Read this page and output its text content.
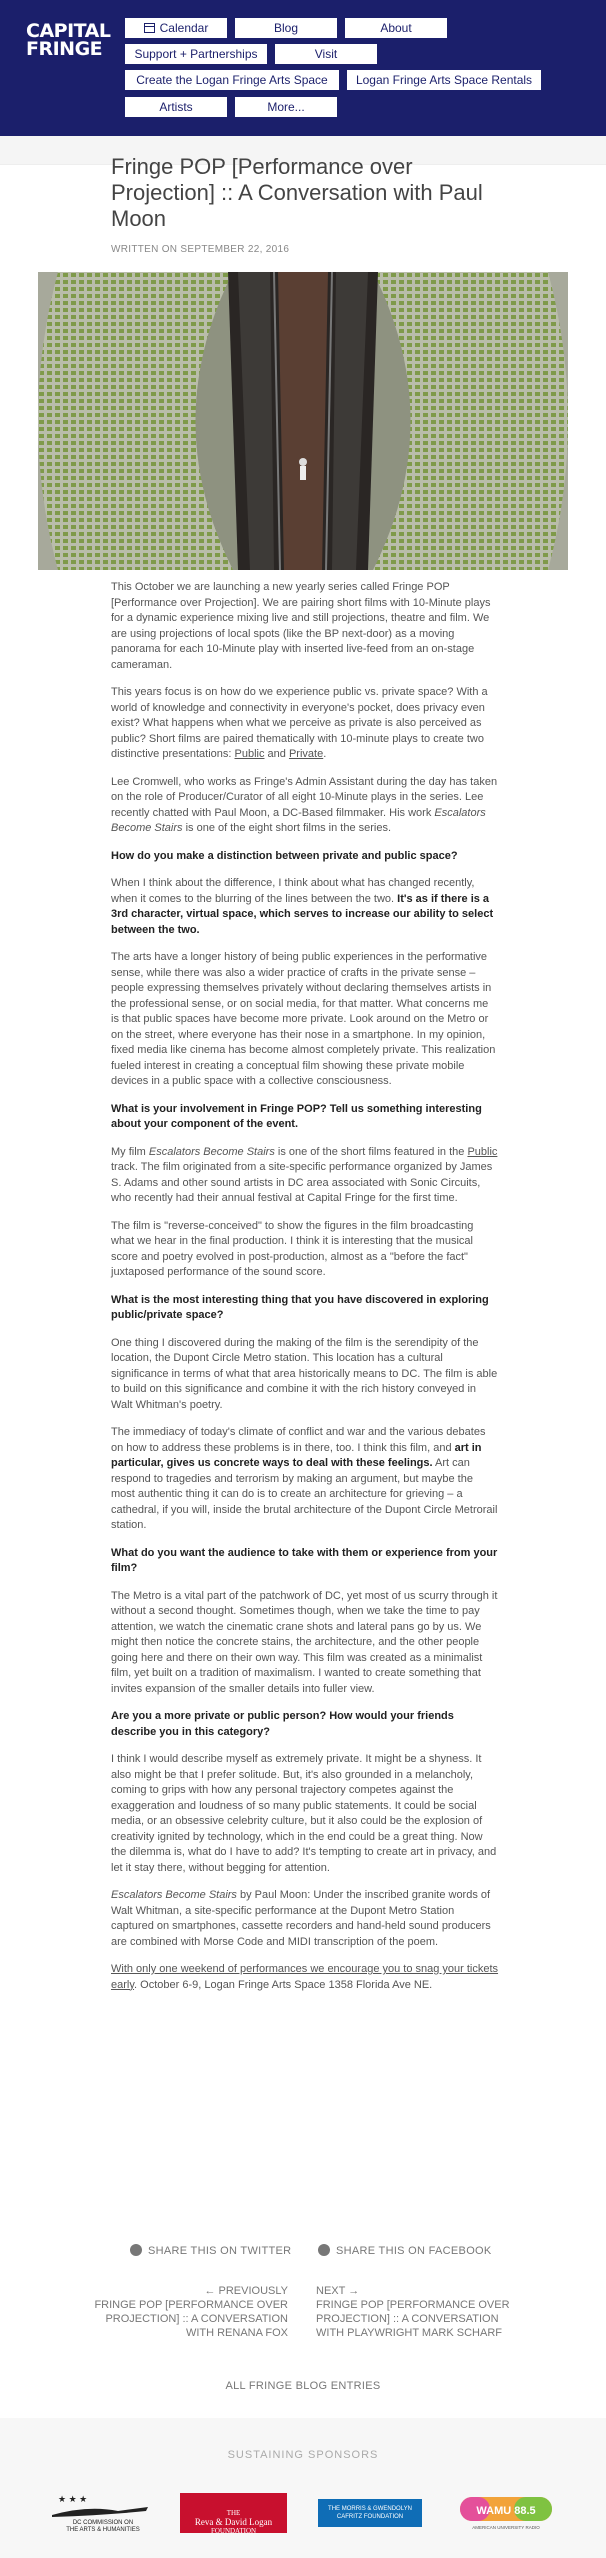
CAPITAL
FRINGE
Calendar	Blog	About
Support + Partnerships	Visit
Create the Logan Fringe Arts Space	Logan Fringe Arts Space Rentals
Artists	More...
Fringe POP [Performance over Projection] :: A Conversation with Paul Moon
WRITTEN ON SEPTEMBER 22, 2016

This October we are launching a new yearly series called Fringe POP [Performance over Projection]. We are pairing short films with 10-Minute plays for a dynamic experience mixing live and still projections, theatre and film. We are using projections of local spots (like the BP next-door) as a moving panorama for each 10-Minute play with inserted live-feed from an on-stage cameraman.

This years focus is on how do we experience public vs. private space? With a world of knowledge and connectivity in everyone's pocket, does privacy even exist? What happens when what we perceive as private is also perceived as public? Short films are paired thematically with 10-minute plays to create two distinctive presentations: Public and Private.

Lee Cromwell, who works as Fringe's Admin Assistant during the day has taken on the role of Producer/Curator of all eight 10-Minute plays in the series. Lee recently chatted with Paul Moon, a DC-Based filmmaker. His work Escalators Become Stairs is one of the eight short films in the series.

How do you make a distinction between private and public space?

When I think about the difference, I think about what has changed recently, when it comes to the blurring of the lines between the two. It's as if there is a 3rd character, virtual space, which serves to increase our ability to select between the two.

The arts have a longer history of being public experiences in the performative sense, while there was also a wider practice of crafts in the private sense – people expressing themselves privately without declaring themselves artists in the professional sense, or on social media, for that matter. What concerns me is that public spaces have become more private. Look around on the Metro or on the street, where everyone has their nose in a smartphone. In my opinion, fixed media like cinema has become almost completely private. This realization fueled interest in creating a conceptual film showing these private mobile devices in a public space with a collective consciousness.

What is your involvement in Fringe POP? Tell us something interesting about your component of the event.

My film Escalators Become Stairs is one of the short films featured in the Public track. The film originated from a site-specific performance organized by James S. Adams and other sound artists in DC area associated with Sonic Circuits, who recently had their annual festival at Capital Fringe for the first time.

The film is "reverse-conceived" to show the figures in the film broadcasting what we hear in the final production. I think it is interesting that the musical score and poetry evolved in post-production, almost as a "before the fact" juxtaposed performance of the sound score.

What is the most interesting thing that you have discovered in exploring public/private space?

One thing I discovered during the making of the film is the serendipity of the location, the Dupont Circle Metro station. This location has a cultural significance in terms of what that area historically means to DC. The film is able to build on this significance and combine it with the rich history conveyed in Walt Whitman's poetry.

The immediacy of today's climate of conflict and war and the various debates on how to address these problems is in there, too. I think this film, and art in particular, gives us concrete ways to deal with these feelings. Art can respond to tragedies and terrorism by making an argument, but maybe the most authentic thing it can do is to create an architecture for grieving – a cathedral, if you will, inside the brutal architecture of the Dupont Circle Metrorail station.

What do you want the audience to take with them or experience from your film?

The Metro is a vital part of the patchwork of DC, yet most of us scurry through it without a second thought. Sometimes though, when we take the time to pay attention, we watch the cinematic crane shots and lateral pans go by us. We might then notice the concrete stains, the architecture, and the other people going here and there on their own way. This film was created as a minimalist film, yet built on a tradition of maximalism. I wanted to create something that invites expansion of the smaller details into fuller view.

Are you a more private or public person? How would your friends describe you in this category?

I think I would describe myself as extremely private. It might be a shyness. It also might be that I prefer solitude. But, it's also grounded in a melancholy, coming to grips with how any personal trajectory competes against the exaggeration and loudness of so many public statements. It could be social media, or an obsessive celebrity culture, but it also could be the explosion of creativity ignited by technology, which in the end could be a great thing. Now the dilemma is, what do I have to add? It's tempting to create art in privacy, and let it stay there, without begging for attention.

Escalators Become Stairs by Paul Moon: Under the inscribed granite words of Walt Whitman, a site-specific performance at the Dupont Metro Station captured on smartphones, cassette recorders and hand-held sound producers are combined with Morse Code and MIDI transcription of the poem.

With only one weekend of performances we encourage you to snag your tickets early. October 6-9, Logan Fringe Arts Space 1358 Florida Ave NE.

SHARE THIS ON TWITTER	SHARE THIS ON FACEBOOK
← PREVIOUSLY
FRINGE POP [PERFORMANCE OVER PROJECTION] :: A CONVERSATION WITH RENANA FOX
NEXT →
FRINGE POP [PERFORMANCE OVER PROJECTION] :: A CONVERSATION WITH PLAYWRIGHT MARK SCHARF
ALL FRINGE BLOG ENTRIES
SUSTAINING SPONSORS
★ ★ ★
DC COMMISSION ON
THE ARTS & HUMANITIES
THE
Reva & David Logan
FOUNDATION
THE MORRIS & GWENDOLYN
CAFRITZ FOUNDATION	WAMU 88.5
AMERICAN UNIVERSITY RADIO
